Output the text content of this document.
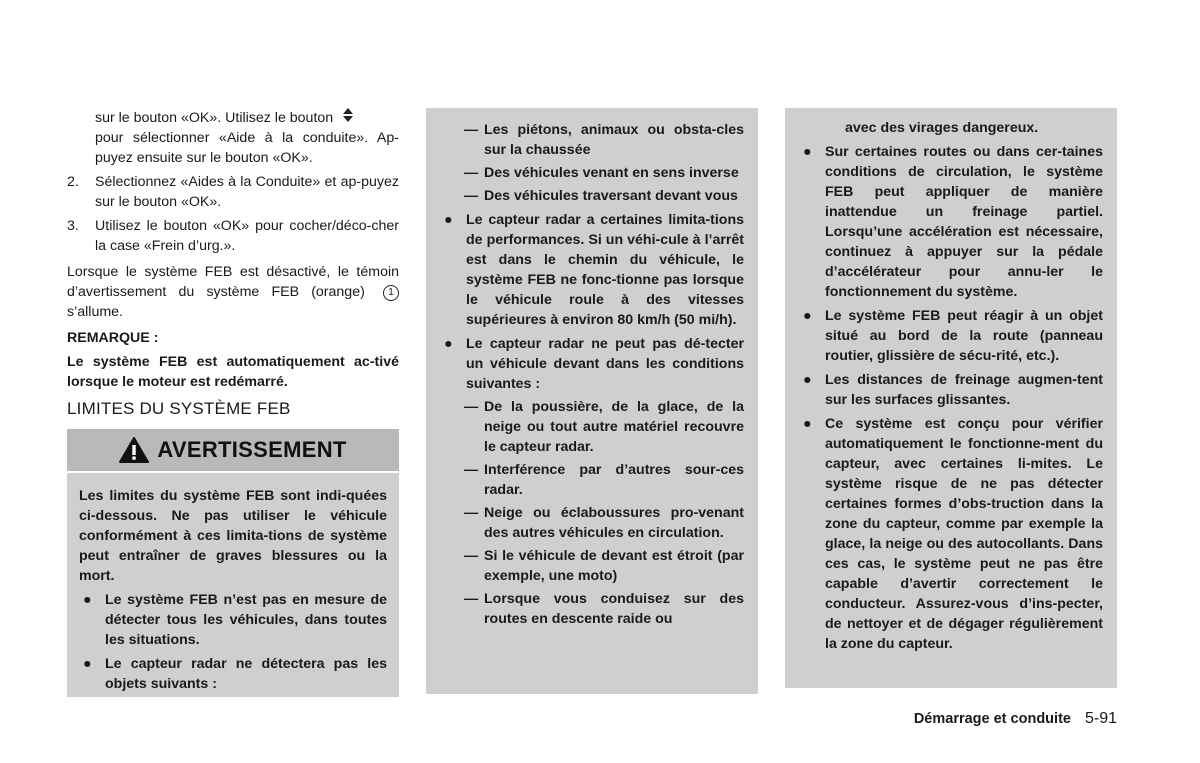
sur le bouton «OK». Utilisez le bouton

pour sélectionner «Aide à la conduite». Ap-puyez ensuite sur le bouton «OK».

2.	Sélectionnez «Aides à la Conduite» et ap-puyez sur le bouton «OK».
3.	Utilisez le bouton «OK» pour cocher/déco-cher la case «Frein d’urg.».

Lorsque le système FEB est désactivé, le témoin d’avertissement du système FEB (orange) 1 s’allume.

REMARQUE :

Le système FEB est automatiquement ac-tivé lorsque le moteur est redémarré.

LIMITES DU SYSTÈME FEB
AVERTISSEMENT
Les limites du système FEB sont indi-quées ci-dessous. Ne pas utiliser le véhicule conformément à ces limita-tions de système peut entraîner de graves blessures ou la mort.
● Le système FEB n’est pas en mesure de détecter tous les véhicules, dans toutes les situations.
● Le capteur radar ne détectera pas les objets suivants :
— Les piétons, animaux ou obsta-cles sur la chaussée
— Des véhicules venant en sens inverse
— Des véhicules traversant devant vous
● Le capteur radar a certaines limita-tions de performances. Si un véhi-cule à l’arrêt est dans le chemin du véhicule, le système FEB ne fonc-tionne pas lorsque le véhicule roule à des vitesses supérieures à environ 80 km/h (50 mi/h).
● Le capteur radar ne peut pas dé-tecter un véhicule devant dans les conditions suivantes :
— De la poussière, de la glace, de la neige ou tout autre matériel recouvre le capteur radar.
— Interférence par d’autres sour-ces radar.
— Neige ou éclaboussures pro-venant des autres véhicules en circulation.
— Si le véhicule de devant est étroit (par exemple, une moto)
— Lorsque vous conduisez sur des routes en descente raide ou
avec des virages dangereux.
● Sur certaines routes ou dans cer-taines conditions de circulation, le système FEB peut appliquer de manière inattendue un freinage partiel. Lorsqu’une accélération est nécessaire, continuez à appuyer sur la pédale d’accélérateur pour annu-ler le fonctionnement du système.
● Le système FEB peut réagir à un objet situé au bord de la route (panneau routier, glissière de sécu-rité, etc.).
● Les distances de freinage augmen-tent sur les surfaces glissantes.
● Ce système est conçu pour vérifier automatiquement le fonctionne-ment du capteur, avec certaines li-mites. Le système risque de ne pas détecter certaines formes d’obs-truction dans la zone du capteur, comme par exemple la glace, la neige ou des autocollants. Dans ces cas, le système peut ne pas être capable d’avertir correctement le conducteur. Assurez-vous d’ins-pecter, de nettoyer et de dégager régulièrement la zone du capteur.
Démarrage et conduite 5-91
